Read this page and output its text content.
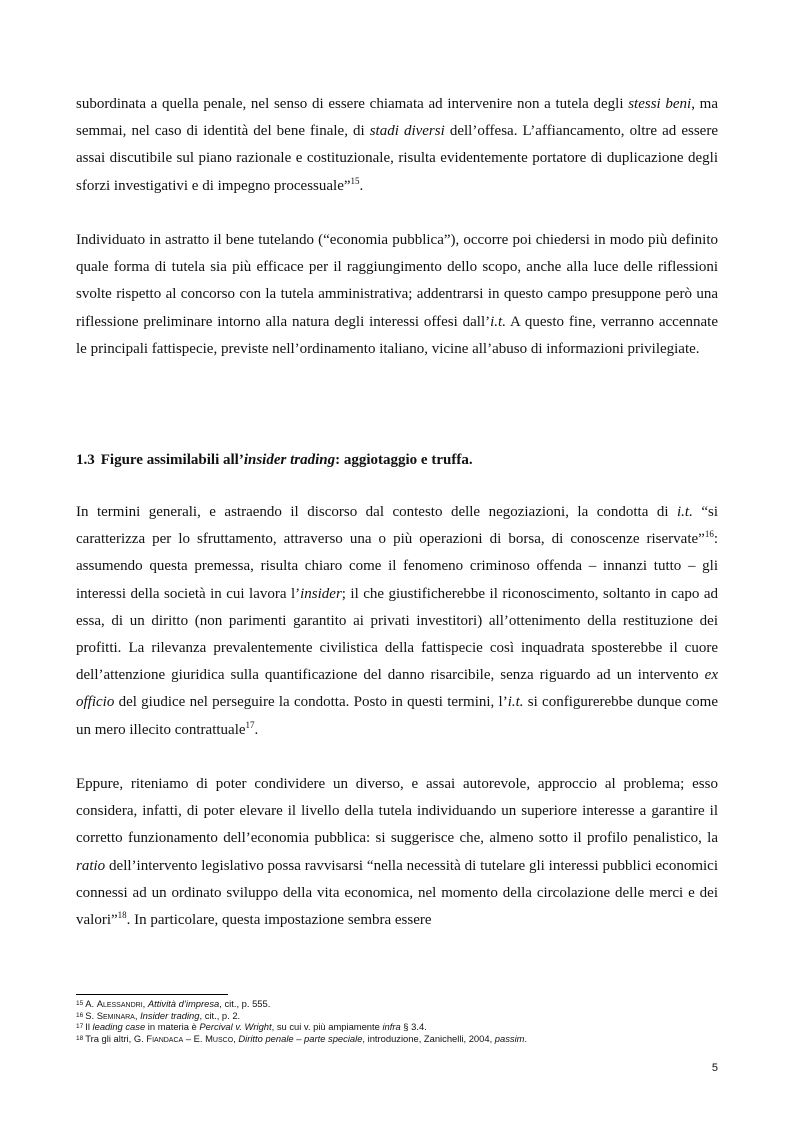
subordinata a quella penale, nel senso di essere chiamata ad intervenire non a tutela degli stessi beni, ma semmai, nel caso di identità del bene finale, di stadi diversi dell’offesa. L’affiancamento, oltre ad essere assai discutibile sul piano razionale e costituzionale, risulta evidentemente portatore di duplicazione degli sforzi investigativi e di impegno processuale”$^{15}$.

Individuato in astratto il bene tutelando (“economia pubblica”), occorre poi chiedersi in modo più definito quale forma di tutela sia più efficace per il raggiungimento dello scopo, anche alla luce delle riflessioni svolte rispetto al concorso con la tutela amministrativa; addentrarsi in questo campo presuppone però una riflessione preliminare intorno alla natura degli interessi offesi dall’i.t. A questo fine, verranno accennate le principali fattispecie, previste nell’ordinamento italiano, vicine all’abuso di informazioni privilegiate.

1.3 Figure assimilabili all’insider trading: aggiotaggio e truffa.

In termini generali, e astraendo il discorso dal contesto delle negoziazioni, la condotta di i.t. “si caratterizza per lo sfruttamento, attraverso una o più operazioni di borsa, di conoscenze riservate”$^{16}$: assumendo questa premessa, risulta chiaro come il fenomeno criminoso offenda – innanzi tutto – gli interessi della società in cui lavora l’insider; il che giustificherebbe il riconoscimento, soltanto in capo ad essa, di un diritto (non parimenti garantito ai privati investitori) all’ottenimento della restituzione dei profitti. La rilevanza prevalentemente civilistica della fattispecie così inquadrata sposterebbe il cuore dell’attenzione giuridica sulla quantificazione del danno risarcibile, senza riguardo ad un intervento ex officio del giudice nel perseguire la condotta. Posto in questi termini, l’i.t. si configurerebbe dunque come un mero illecito contrattuale$^{17}$.

Eppure, riteniamo di poter condividere un diverso, e assai autorevole, approccio al problema; esso considera, infatti, di poter elevare il livello della tutela individuando un superiore interesse a garantire il corretto funzionamento dell’economia pubblica: si suggerisce che, almeno sotto il profilo penalistico, la ratio dell’intervento legislativo possa ravvisarsi “nella necessità di tutelare gli interessi pubblici economici connessi ad un ordinato sviluppo della vita economica, nel momento della circolazione delle merci e dei valori”$^{18}$. In particolare, questa impostazione sembra essere

$^{15}$ A. Alessandri, Attività d’impresa, cit., p. 555.
$^{16}$ S. Seminara, Insider trading, cit., p. 2.
$^{17}$ Il leading case in materia è Percival v. Wright, su cui v. più ampiamente infra § 3.4.
$^{18}$ Tra gli altri, G. Fiandaca – E. Musco, Diritto penale – parte speciale, introduzione, Zanichelli, 2004, passim.
5
